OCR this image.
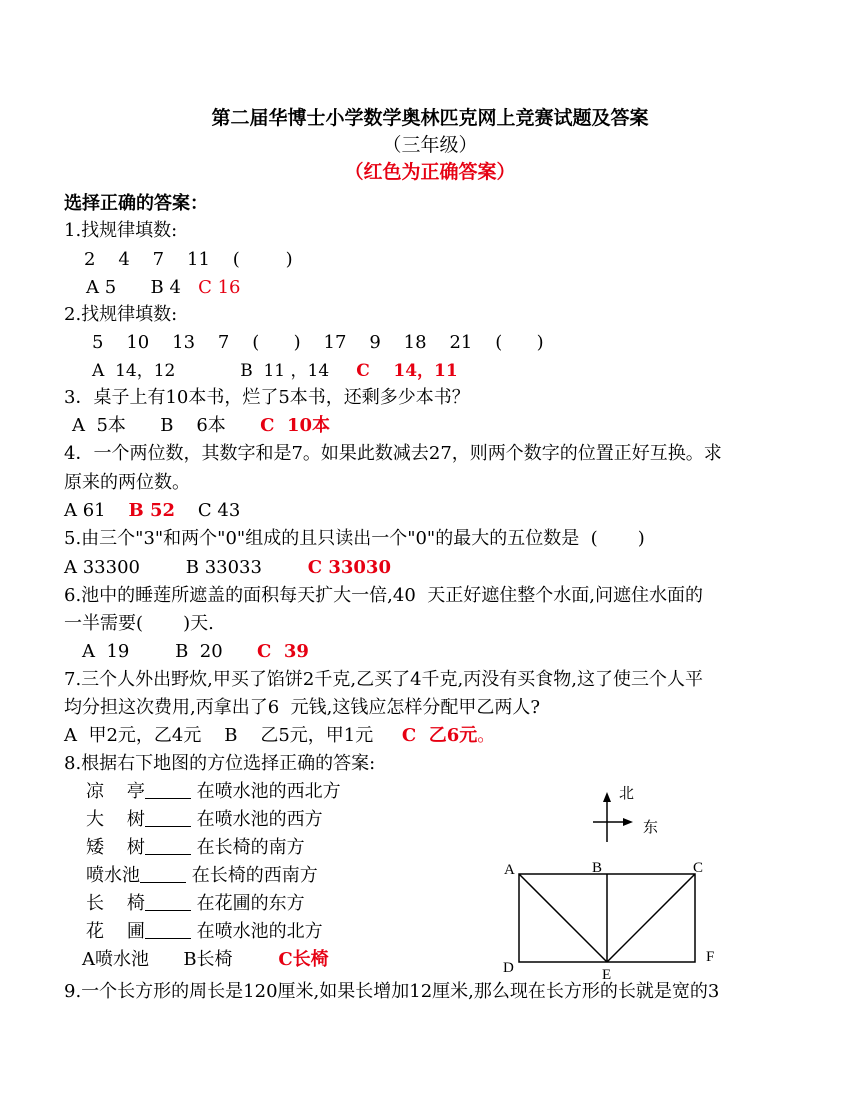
第二届华博士小学数学奥林匹克网上竞赛试题及答案
（三年级）
（红色为正确答案）
选择正确的答案：
1.找规律填数:
2    4    7    11    (        )
A 5      B 4   C 16
2.找规律填数:
5    10    13    7    (      )    17    9    18    21    (      )
A  14，12            B  11 ，14     C    14，11
3．桌子上有10本书，烂了5本书，还剩多少本书？
A  5本      B    6本      C  10本
4．一个两位数，其数字和是7。如果此数减去27，则两个数字的位置正好互换。求
原来的两位数。
A 61    B 52    C 43
5.由三个"3"和两个"0"组成的且只读出一个"0"的最大的五位数是  (       )
A 33300        B 33033        C 33030
6.池中的睡莲所遮盖的面积每天扩大一倍,40  天正好遮住整个水面,问遮住水面的
一半需要(       )天.
A  19        B  20      C  39
7.三个人外出野炊,甲买了馅饼2千克,乙买了4千克,丙没有买食物,这了使三个人平
均分担这次费用,丙拿出了6  元钱,这钱应怎样分配甲乙两人?
A  甲2元，乙4元    B    乙5元，甲1元     C  乙6元。
8.根据右下地图的方位选择正确的答案:
凉    亭	在喷水池的西北方
大    树	在喷水池的西方
矮    树	在长椅的南方
喷水池	在长椅的西南方
长    椅	在花圃的东方
花    圃	在喷水池的北方
A喷水池      B长椅        C长椅
9.一个长方形的周长是120厘米,如果长增加12厘米,那么现在长方形的长就是宽的3
北
东
A	B	C
D	E
F
